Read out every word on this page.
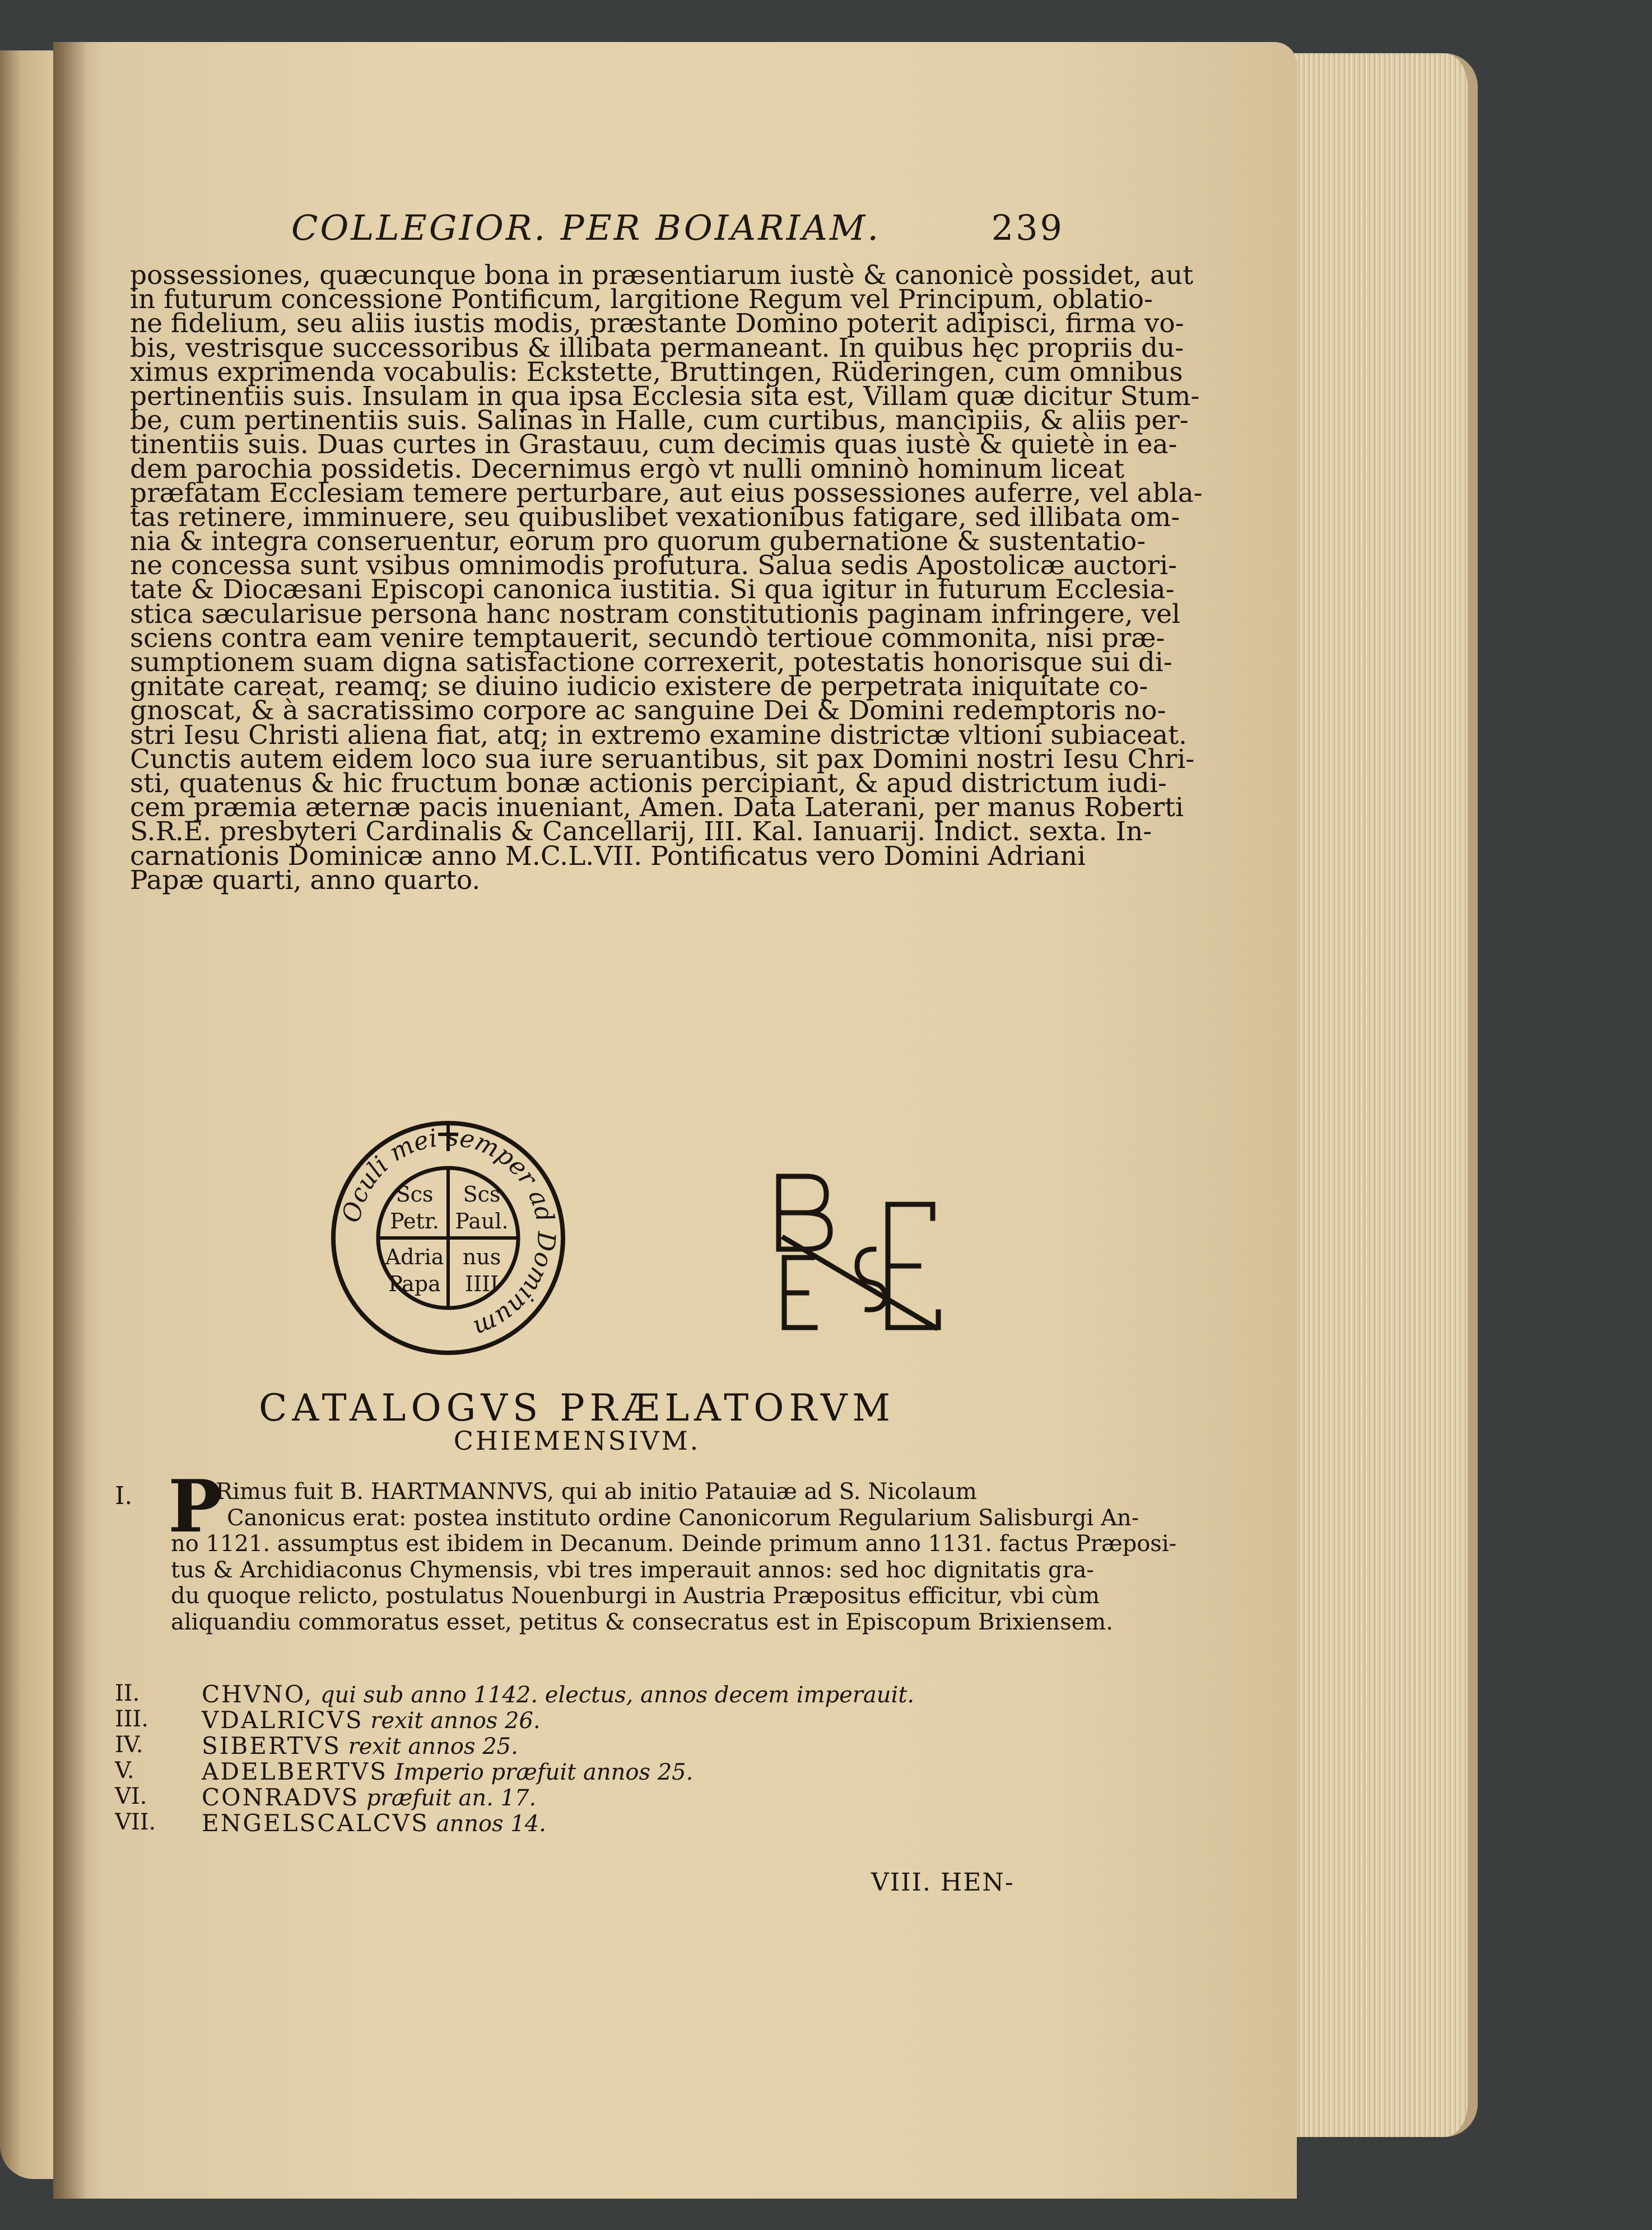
COLLEGIOR. PER BOIARIAM.	239
possessiones, quæcunque bona in præsentiarum iustè & canonicè possidet, aut
in futurum concessione Pontificum, largitione Regum vel Principum, oblatio-
ne fidelium, seu aliis iustis modis, præstante Domino poterit adipisci, firma vo-
bis, vestrisque successoribus & illibata permaneant. In quibus hęc propriis du-
ximus exprimenda vocabulis: Eckstette, Bruttingen, Rüderingen, cum omnibus
pertinentiis suis. Insulam in qua ipsa Ecclesia sita est, Villam quæ dicitur Stum-
be, cum pertinentiis suis. Salinas in Halle, cum curtibus, mancipiis, & aliis per-
tinentiis suis. Duas curtes in Grastauu, cum decimis quas iustè & quietè in ea-
dem parochia possidetis. Decernimus ergò vt nulli omninò hominum liceat
præfatam Ecclesiam temere perturbare, aut eius possessiones auferre, vel abla-
tas retinere, imminuere, seu quibuslibet vexationibus fatigare, sed illibata om-
nia & integra conseruentur, eorum pro quorum gubernatione & sustentatio-
ne concessa sunt vsibus omnimodis profutura. Salua sedis Apostolicæ auctori-
tate & Diocæsani Episcopi canonica iustitia. Si qua igitur in futurum Ecclesia-
stica sæcularisue persona hanc nostram constitutionis paginam infringere, vel
sciens contra eam venire temptauerit, secundò tertioue commonita, nisi præ-
sumptionem suam digna satisfactione correxerit, potestatis honorisque sui di-
gnitate careat, reamq; se diuino iudicio existere de perpetrata iniquitate co-
gnoscat, & à sacratissimo corpore ac sanguine Dei & Domini redemptoris no-
stri Iesu Christi aliena fiat, atq; in extremo examine districtæ vltioni subiaceat.
Cunctis autem eidem loco sua iure seruantibus, sit pax Domini nostri Iesu Chri-
sti, quatenus & hic fructum bonæ actionis percipiant, & apud districtum iudi-
cem præmia æternæ pacis inueniant, Amen. Data Laterani, per manus Roberti
S.R.E. presbyteri Cardinalis & Cancellarij, III. Kal. Ianuarij. Indict. sexta. In-
carnationis Dominicæ anno M.C.L.VII. Pontificatus vero Domini Adriani
Papæ quarti, anno quarto.
Oculi mei semper ad Dominum
Scs
Petr.
Scs
Paul.
Adria
Papa
nus
IIII
CATALOGVS PRÆLATORVM
CHIEMENSIVM.
I. P
Rimus fuit B. HARTMANNVS, qui ab initio Patauiæ ad S. Nicolaum
Canonicus erat: postea instituto ordine Canonicorum Regularium Salisburgi An-
no 1121. assumptus est ibidem in Decanum. Deinde primum anno 1131. factus Præposi-
tus & Archidiaconus Chymensis, vbi tres imperauit annos: sed hoc dignitatis gra-
du quoque relicto, postulatus Nouenburgi in Austria Præpositus efficitur, vbi cùm
aliquandiu commoratus esset, petitus & consecratus est in Episcopum Brixiensem.
II.	CHVNO, qui sub anno 1142. electus, annos decem imperauit.
III. VDALRICVS rexit annos 26.
IV. SIBERTVS rexit annos 25.
V.	ADELBERTVS Imperio præfuit annos 25.
VI. CONRADVS præfuit an. 17.
VII. ENGELSCALCVS annos 14.
VIII. HEN-
